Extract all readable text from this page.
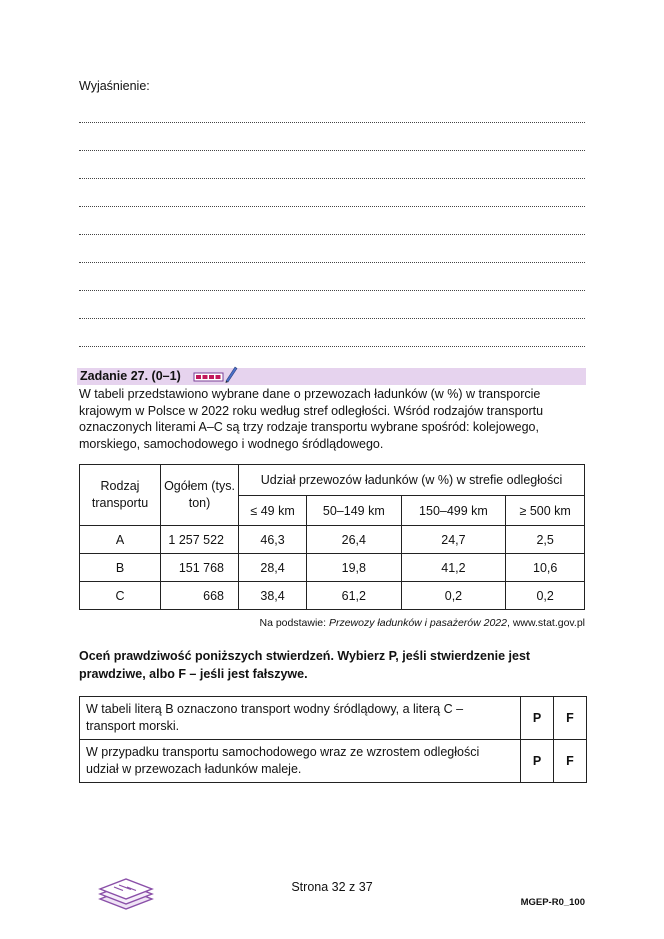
Wyjaśnienie:
Zadanie 27. (0–1)
W tabeli przedstawiono wybrane dane o przewozach ładunków (w %) w transporcie krajowym w Polsce w 2022 roku według stref odległości. Wśród rodzajów transportu oznaczonych literami A–C są trzy rodzaje transportu wybrane spośród: kolejowego, morskiego, samochodowego i wodnego śródlądowego.
Rodzaj transportu	Ogółem (tys. ton)	Udział przewozów ładunków (w %) w strefie odległości			
		≤ 49 km	50–149 km	150–499 km	≥ 500 km
A	1 257 522	46,3	26,4	24,7	2,5
B	151 768	28,4	19,8	41,2	10,6
C	668	38,4	61,2	0,2	0,2
Na podstawie: Przewozy ładunków i pasażerów 2022, www.stat.gov.pl
Oceń prawdziwość poniższych stwierdzeń. Wybierz P, jeśli stwierdzenie jest prawdziwe, albo F – jeśli jest fałszywe.
W tabeli literą B oznaczono transport wodny śródlądowy, a literą C – transport morski.	P	F
W przypadku transportu samochodowego wraz ze wzrostem odległości udział w przewozach ładunków maleje.	P	F
Strona 32 z 37
MGEP-R0_100
